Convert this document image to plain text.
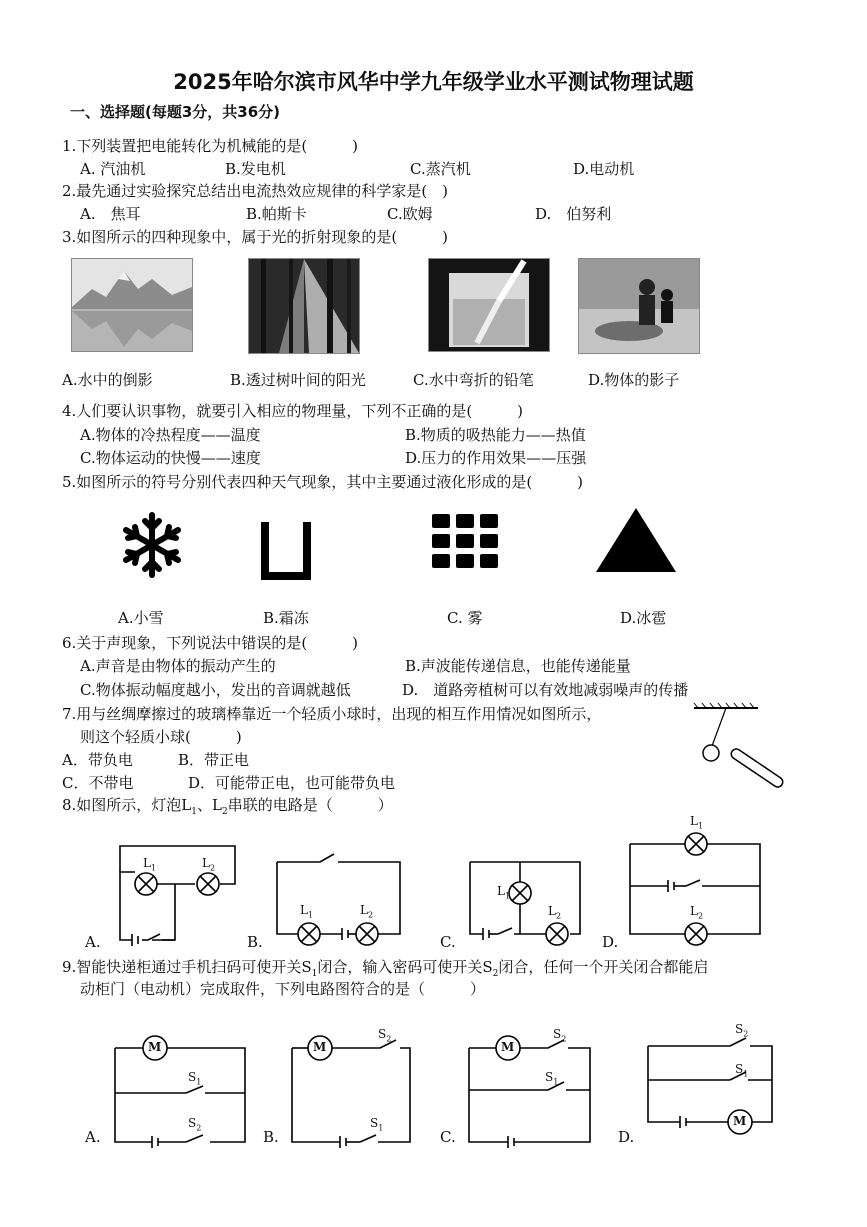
2025年哈尔滨市风华中学九年级学业水平测试物理试题
一、选择题(每题3分，共36分)
1.下列装置把电能转化为机械能的是(　　　)
A. 汽油机	B.发电机	C.蒸汽机	D.电动机
2.最先通过实验探究总结出电流热效应规律的科学家是(　)
A.　焦耳	B.帕斯卡	C.欧姆	D.　伯努利
3.如图所示的四种现象中，属于光的折射现象的是(　　　)
A.水中的倒影	B.透过树叶间的阳光	C.水中弯折的铅笔	D.物体的影子
4.人们要认识事物，就要引入相应的物理量，下列不正确的是(　　　)
A.物体的冷热程度——温度	B.物质的吸热能力——热值
C.物体运动的快慢——速度	D.压力的作用效果——压强
5.如图所示的符号分别代表四种天气现象，其中主要通过液化形成的是(　　　)
A.小雪	B.霜冻	C. 雾	D.冰雹
6.关于声现象，下列说法中错误的是(　　　)
A.声音是由物体的振动产生的	B.声波能传递信息，也能传递能量
C.物体振动幅度越小，发出的音调就越低	D.　道路旁植树可以有效地减弱噪声的传播
7.用与丝绸摩擦过的玻璃棒靠近一个轻质小球时，出现的相互作用情况如图所示，
则这个轻质小球(　　　)
A．带负电	B．带正电
C．不带电	D．可能带正电，也可能带负电
8.如图所示，灯泡$L_1$、$L_2$串联的电路是（　　　）
$L_1$	$L_2$
$L_1$	$L_2$
$L_1$
$L_2$
$L_1$
$L_2$
A.	B.	C.	D.
9.智能快递柜通过手机扫码可使开关$S_1$闭合，输入密码可使开关$S_2$闭合，任何一个开关闭合都能启
动柜门（电动机）完成取件，下列电路图符合的是（　　　）
M	M	M
M
$S_1$
$S_2$
$S_2$
$S_1$
$S_2$
$S_1$
$S_2$
$S_1$
A.	B.	C.	D.
